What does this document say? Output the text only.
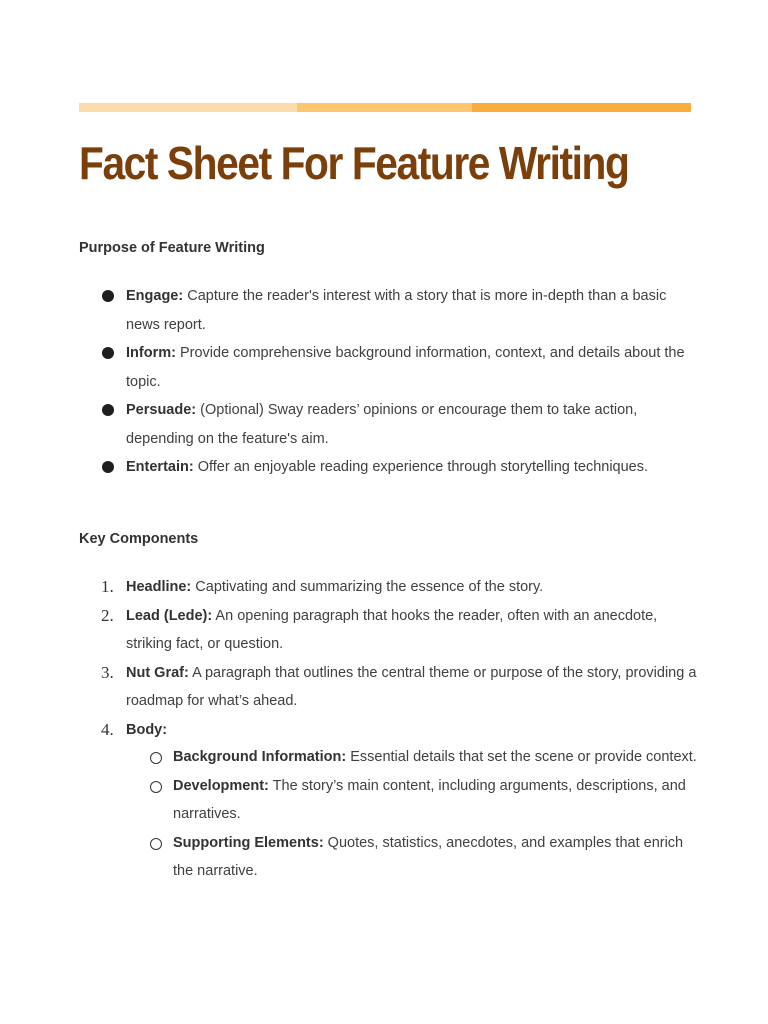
Fact Sheet For Feature Writing
Purpose of Feature Writing
Engage: Capture the reader's interest with a story that is more in-depth than a basic news report.
Inform: Provide comprehensive background information, context, and details about the topic.
Persuade: (Optional) Sway readers’ opinions or encourage them to take action, depending on the feature's aim.
Entertain: Offer an enjoyable reading experience through storytelling techniques.
Key Components
1. Headline: Captivating and summarizing the essence of the story.
2. Lead (Lede): An opening paragraph that hooks the reader, often with an anecdote, striking fact, or question.
3. Nut Graf: A paragraph that outlines the central theme or purpose of the story, providing a roadmap for what’s ahead.
4. Body:
Background Information: Essential details that set the scene or provide context.
Development: The story’s main content, including arguments, descriptions, and narratives.
Supporting Elements: Quotes, statistics, anecdotes, and examples that enrich the narrative.
